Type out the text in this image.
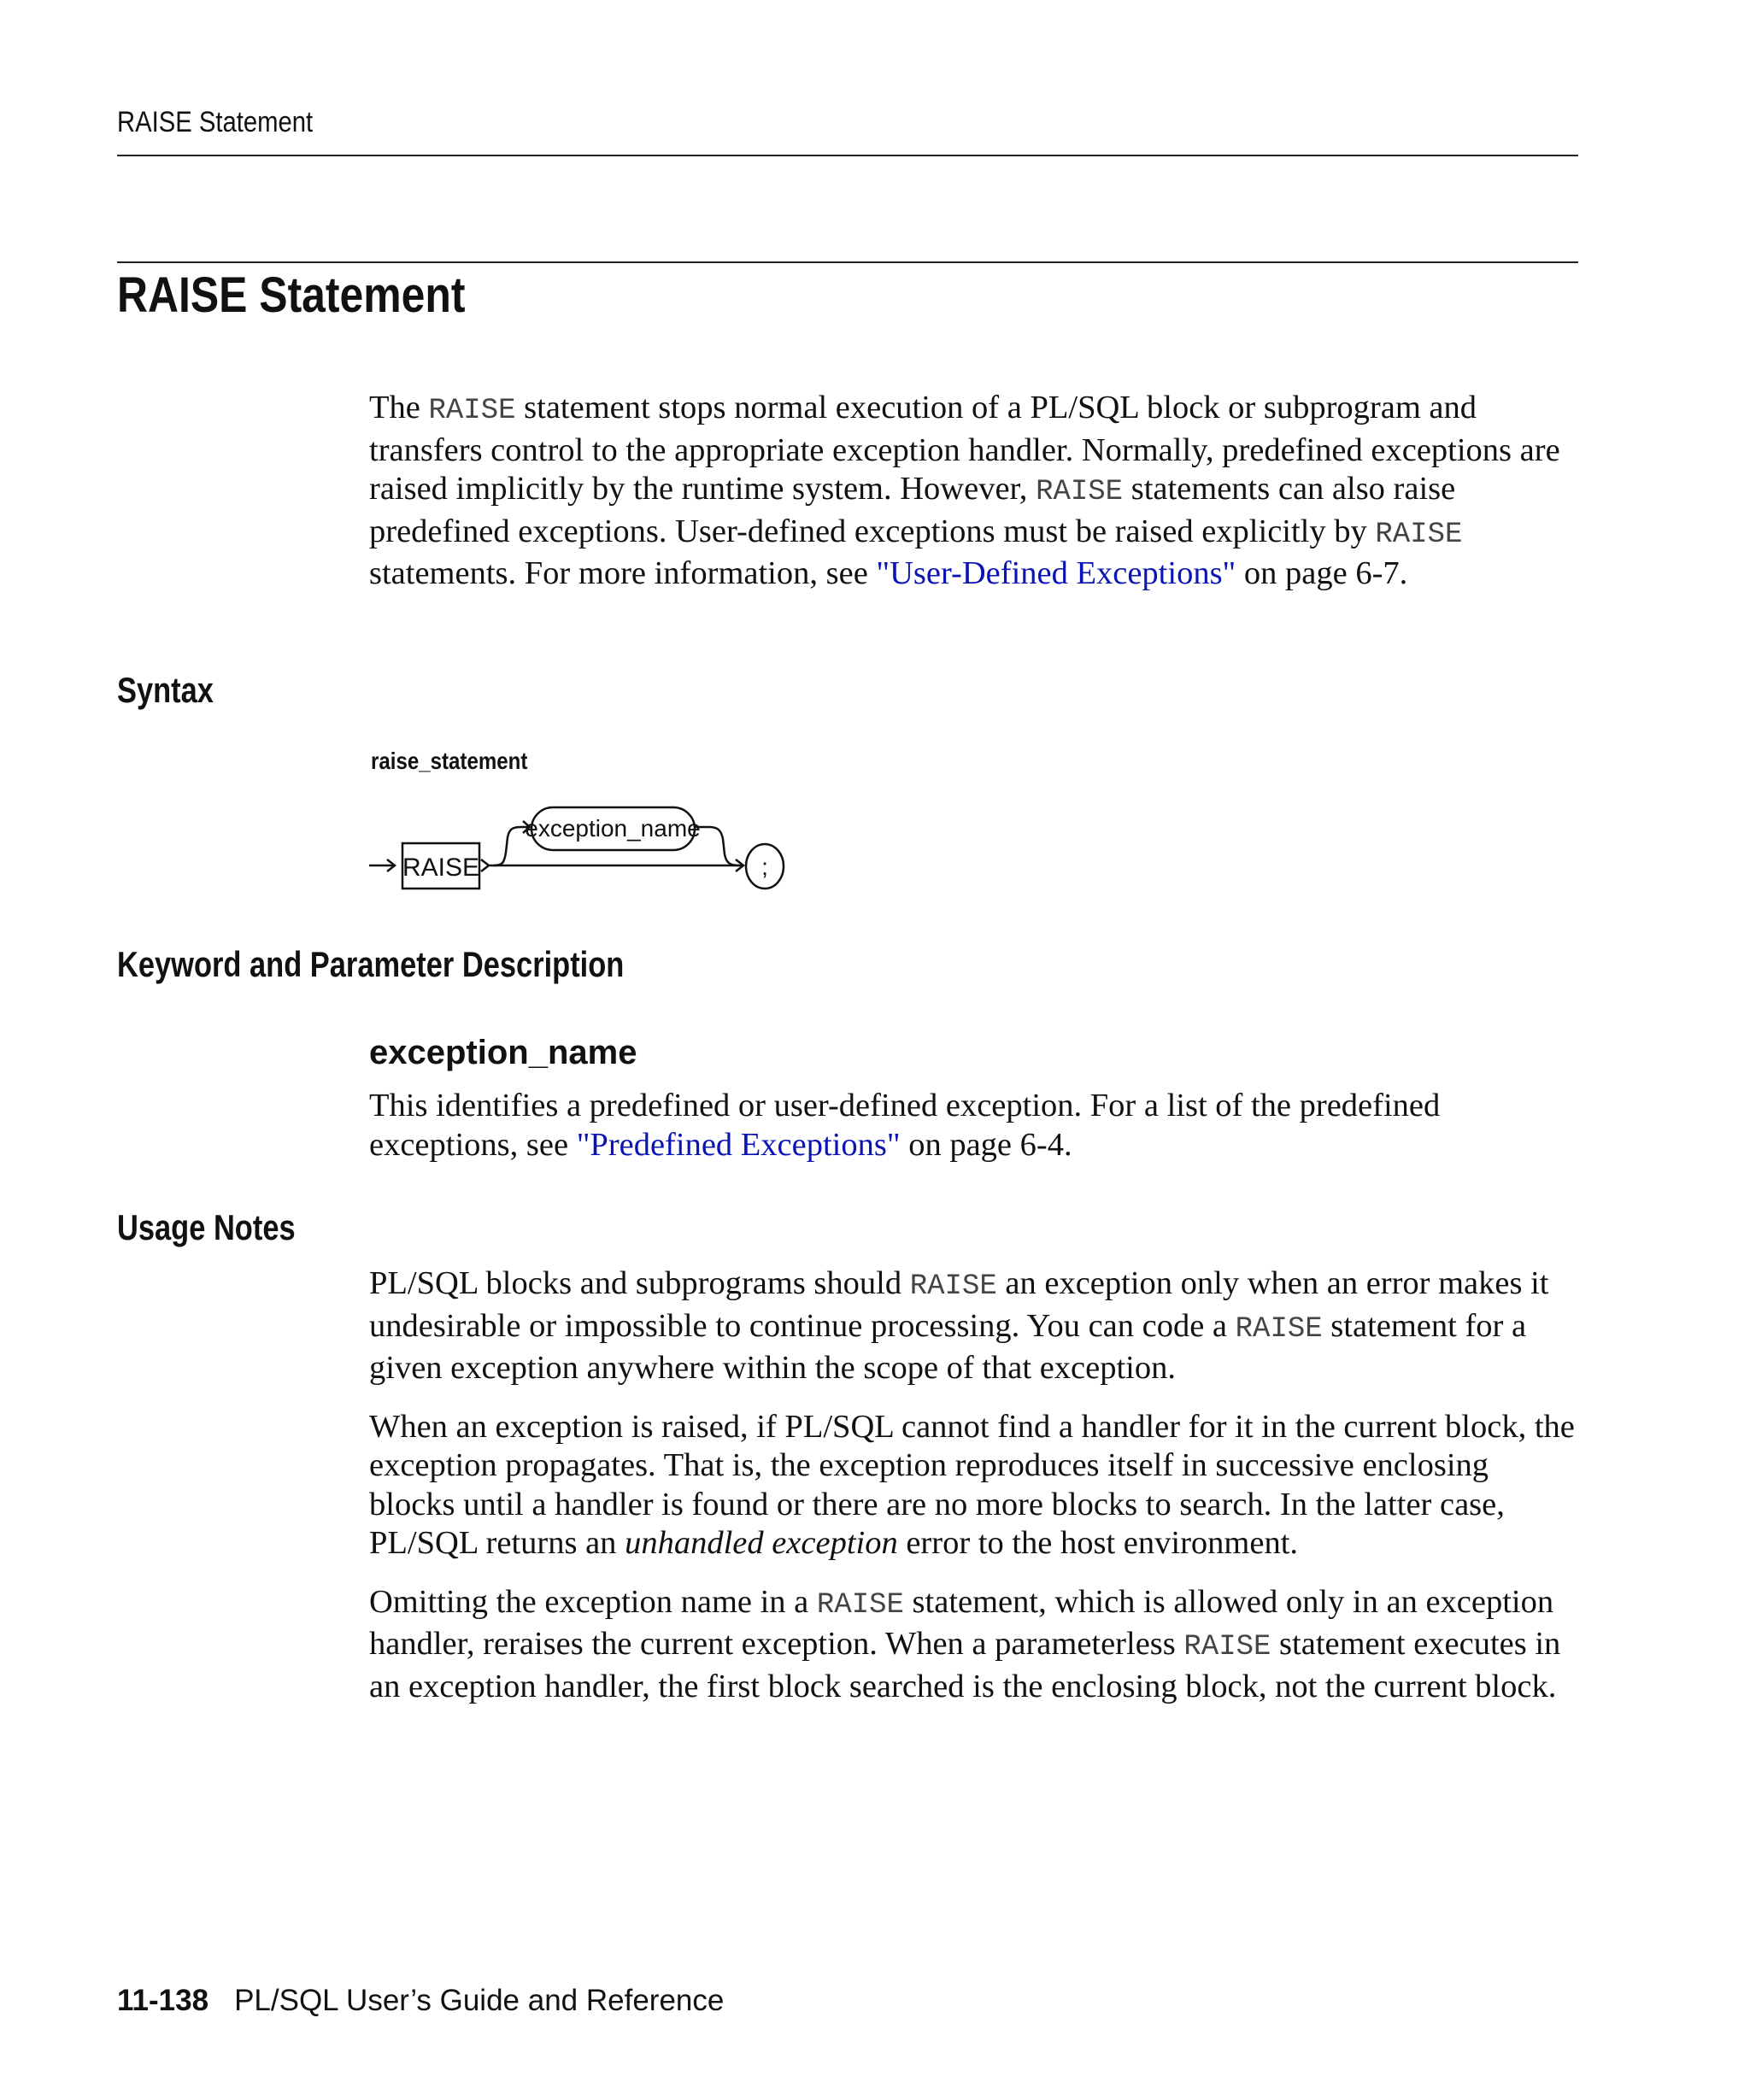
RAISE Statement
RAISE Statement

The RAISE statement stops normal execution of a PL/SQL block or subprogram and transfers control to the appropriate exception handler. Normally, predefined exceptions are raised implicitly by the runtime system. However, RAISE statements can also raise predefined exceptions. User-defined exceptions must be raised explicitly by RAISE statements. For more information, see "User-Defined Exceptions" on page 6-7.

Syntax
raise_statement
RAISE
exception_name
;
Keyword and Parameter Description
exception_name

This identifies a predefined or user-defined exception. For a list of the predefined exceptions, see "Predefined Exceptions" on page 6-4.

Usage Notes

PL/SQL blocks and subprograms should RAISE an exception only when an error makes it undesirable or impossible to continue processing. You can code a RAISE statement for a given exception anywhere within the scope of that exception.

When an exception is raised, if PL/SQL cannot find a handler for it in the current block, the exception propagates. That is, the exception reproduces itself in successive enclosing blocks until a handler is found or there are no more blocks to search. In the latter case, PL/SQL returns an unhandled exception error to the host environment.

Omitting the exception name in a RAISE statement, which is allowed only in an exception handler, reraises the current exception. When a parameterless RAISE statement executes in an exception handler, the first block searched is the enclosing block, not the current block.

11-138 PL/SQL User’s Guide and Reference
